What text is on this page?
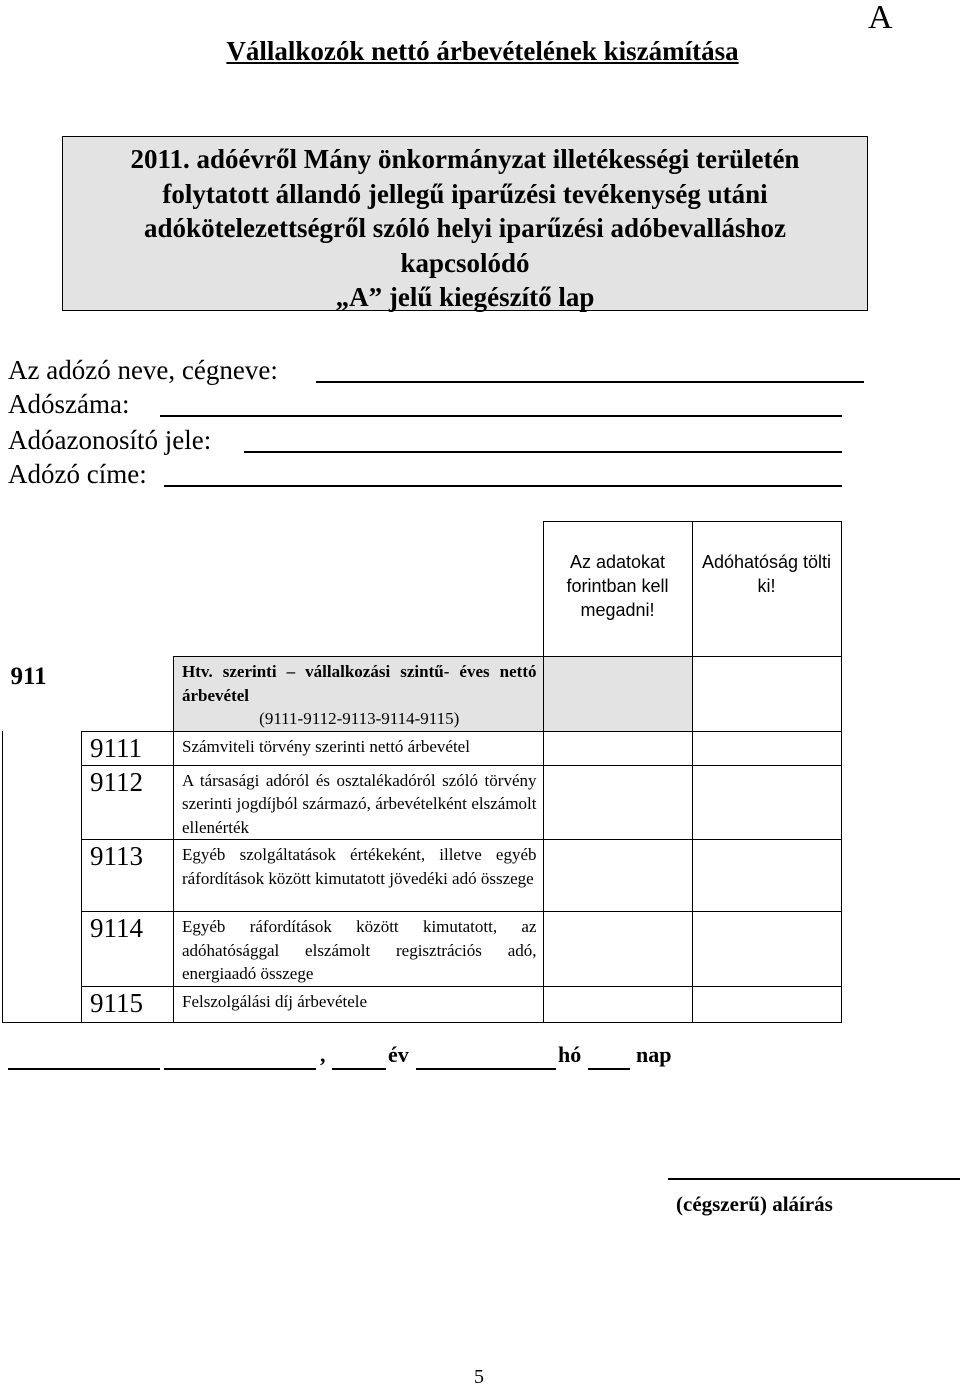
A
Vállalkozók nettó árbevételének kiszámítása
2011. adóévről Mány önkormányzat illetékességi területén
folytatott állandó jellegű iparűzési tevékenység utáni
adókötelezettségről szóló helyi iparűzési adóbevalláshoz
kapcsolódó
„A” jelű kiegészítő lap
Az adózó neve, cégneve:
Adószáma:
Adóazonosító jele:
Adózó címe:
			Az adatokat forintban kell megadni!	Adóhatóság tölti ki!
911		Htv. szerinti – vállalkozási szintű- éves nettó árbevétel
(9111-9112-9113-9114-9115)		

	9111	Számviteli törvény szerinti nettó árbevétel		
	9112	A társasági adóról és osztalékadóról szóló törvény szerinti jogdíjból származó, árbevételként elszámolt ellenérték		
	9113	Egyéb szolgáltatások értékeként, illetve egyéb ráfordítások között kimutatott jövedéki adó összege		
	9114	Egyéb ráfordítások között kimutatott, az adóhatósággal elszámolt regisztrációs adó, energiaadó összege		
	9115	Felszolgálási díj árbevétele		
,	év	hó nap
(cégszerű) aláírás
5
